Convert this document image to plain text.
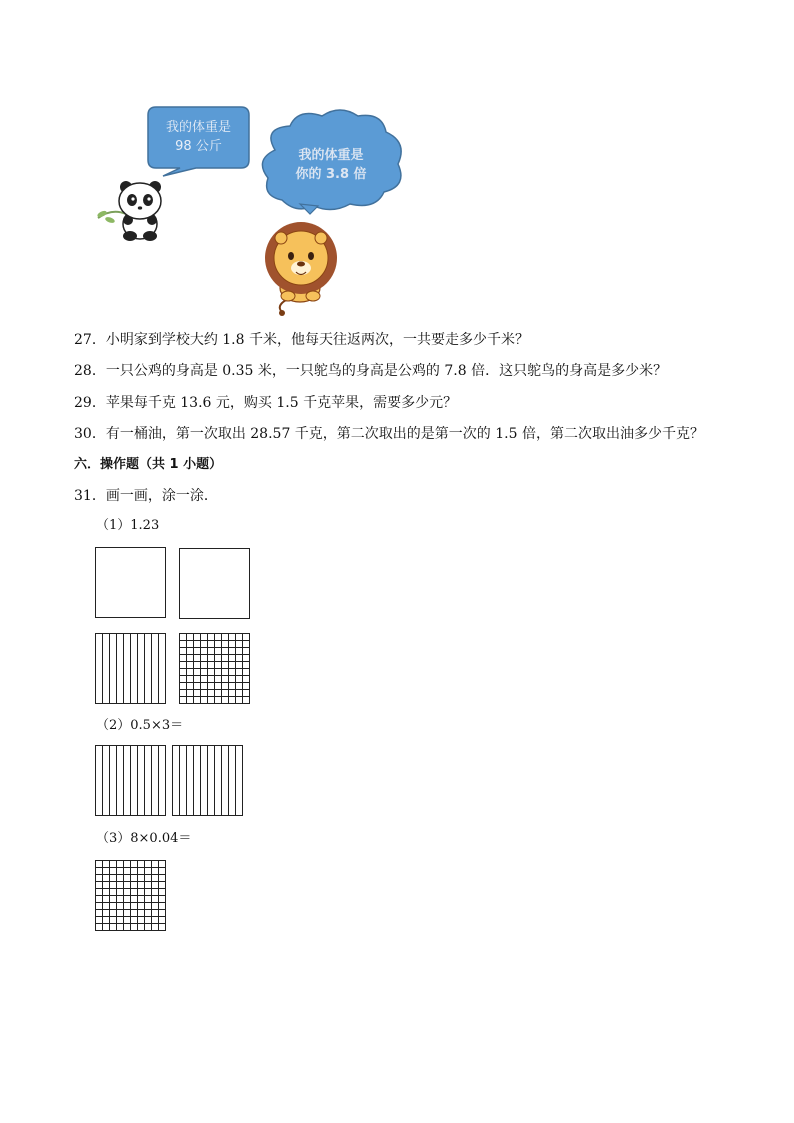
我的体重是
98 公斤
我的体重是
你的 3.8 倍
27．小明家到学校大约 1.8 千米，他每天往返两次，一共要走多少千米？
28．一只公鸡的身高是 0.35 米，一只鸵鸟的身高是公鸡的 7.8 倍．这只鸵鸟的身高是多少米？
29．苹果每千克 13.6 元，购买 1.5 千克苹果，需要多少元？
30．有一桶油，第一次取出 28.57 千克，第二次取出的是第一次的 1.5 倍，第二次取出油多少千克？
六．操作题（共 1 小题）
31．画一画，涂一涂．
（1）1.23
（2）0.5×3＝
（3）8×0.04＝
